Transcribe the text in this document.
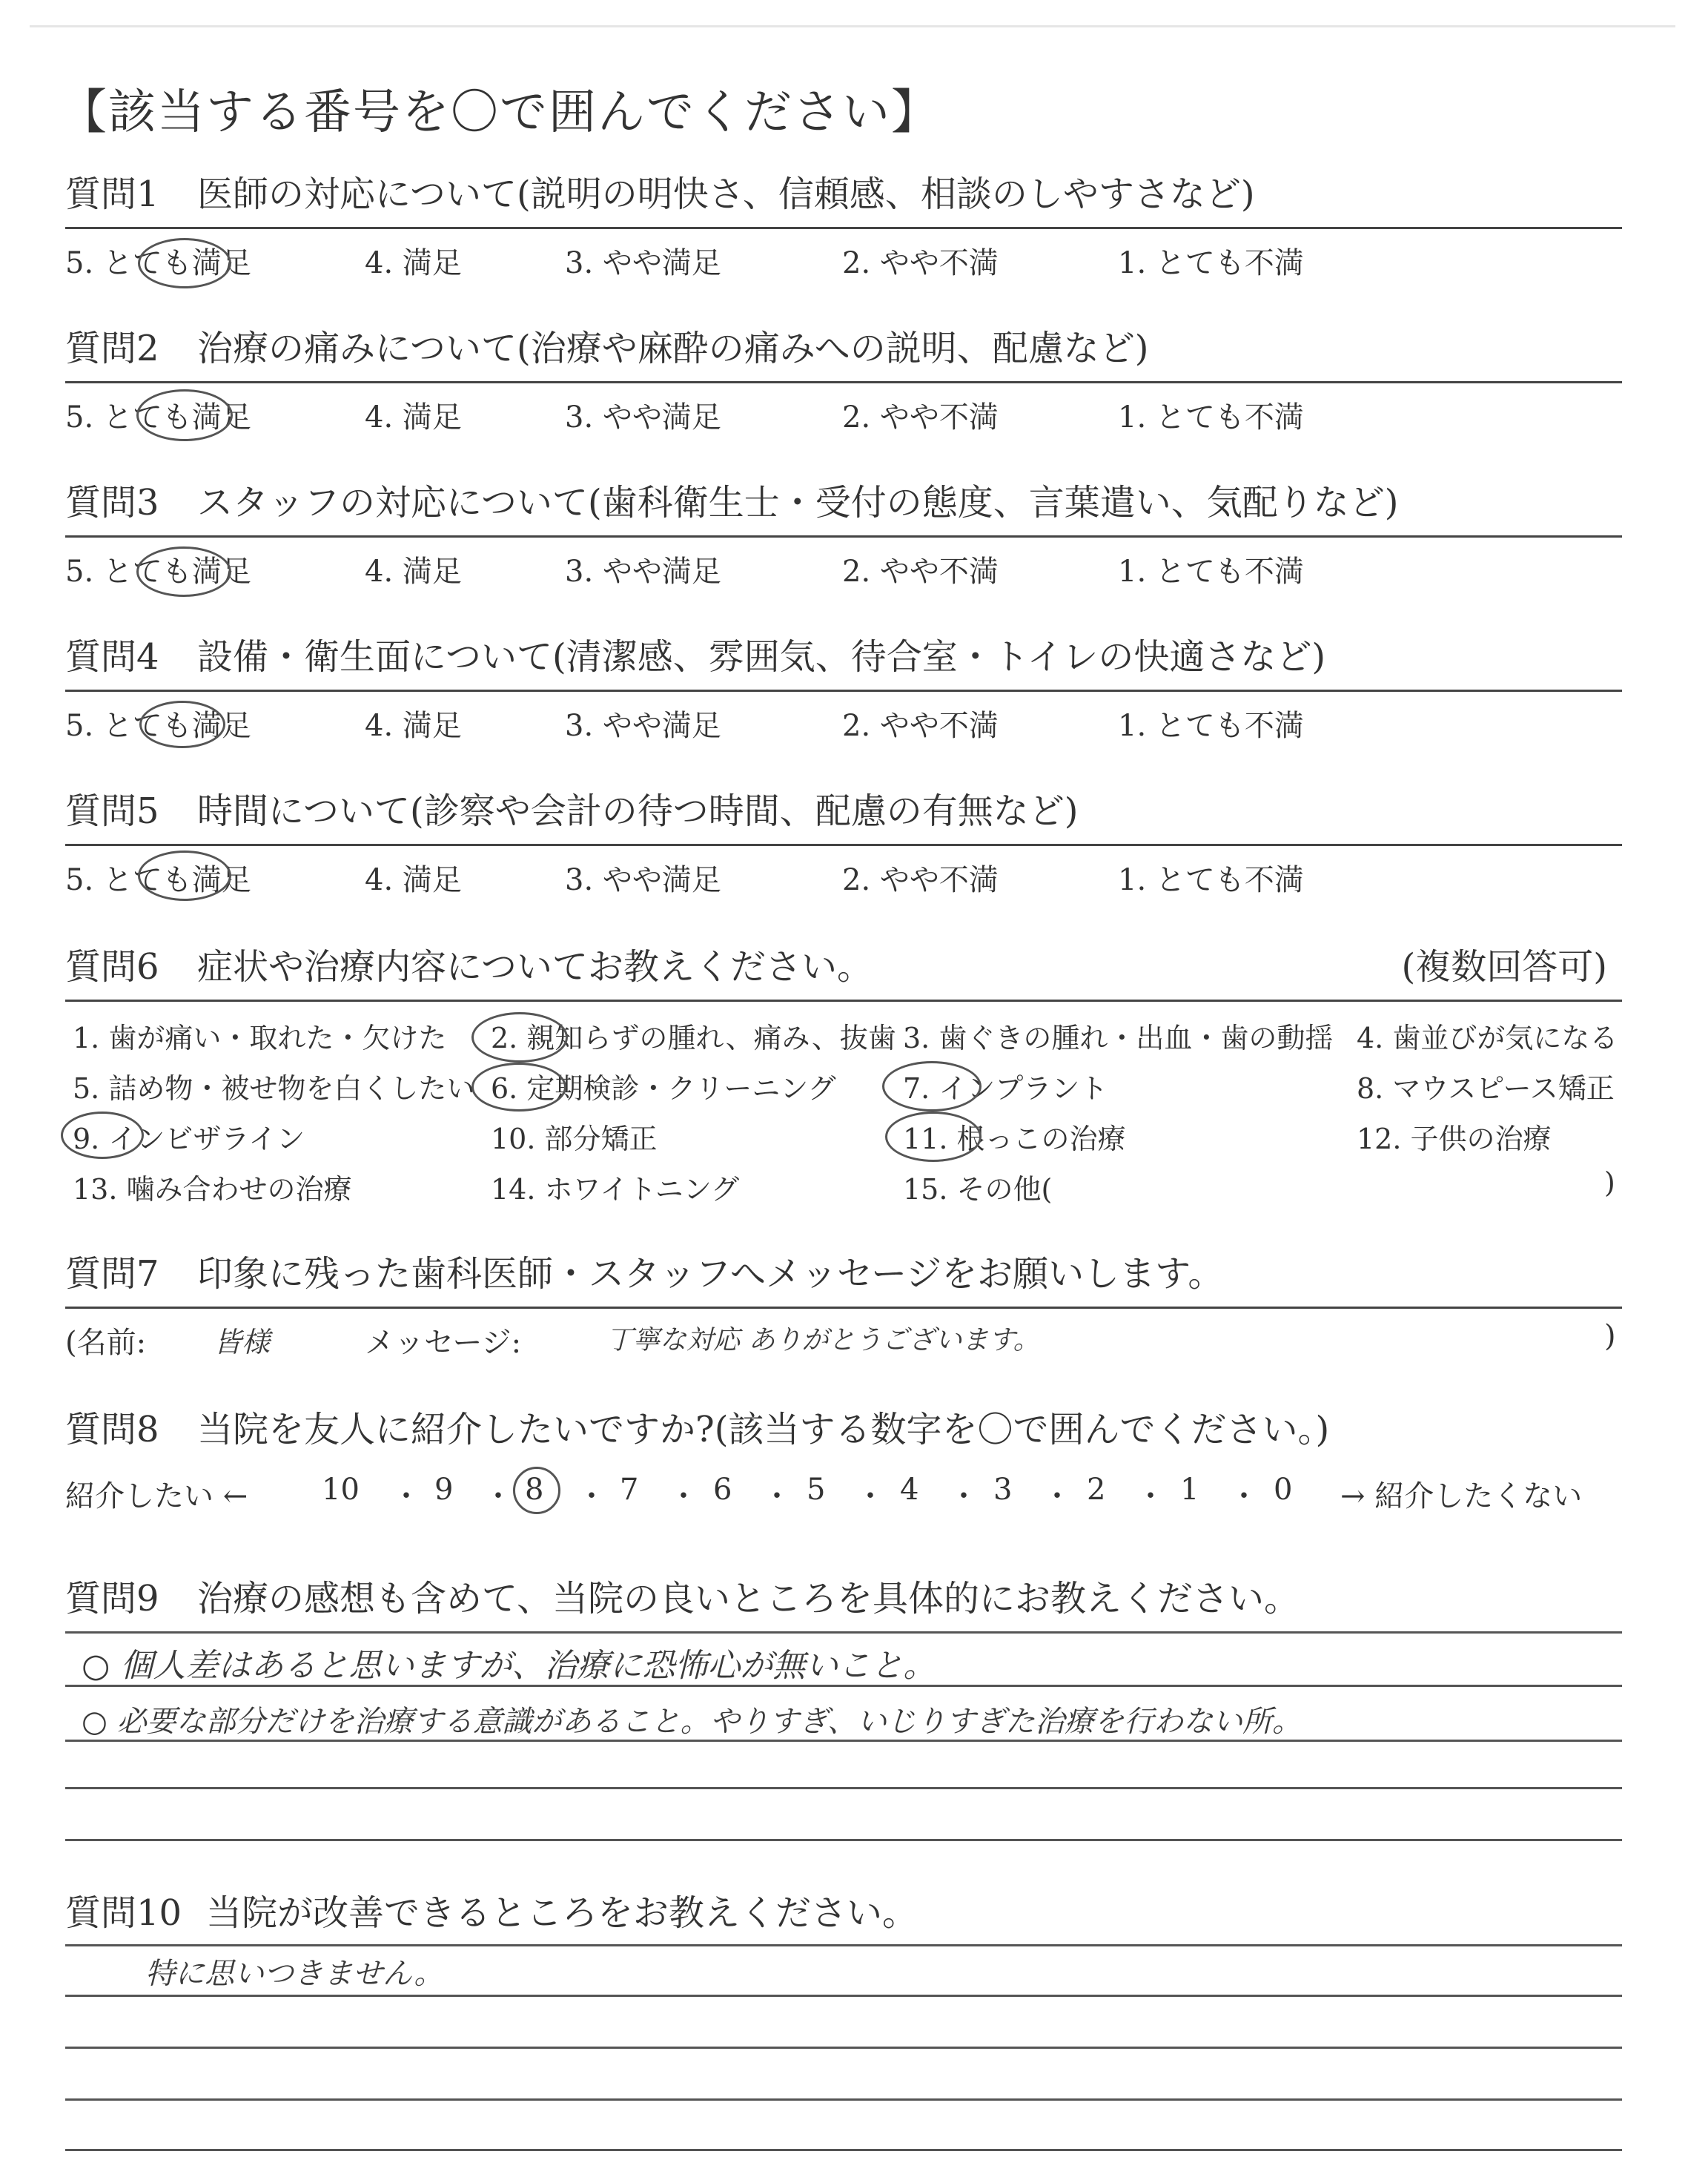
【該当する番号を〇で囲んでください】
質問1 医師の対応について(説明の明快さ、信頼感、相談のしやすさなど)
5. とても満足	4. 満足	3. やや満足	2. やや不満	1. とても不満
質問2 治療の痛みについて(治療や麻酔の痛みへの説明、配慮など)
5. とても満足	4. 満足	3. やや満足	2. やや不満	1. とても不満
質問3 スタッフの対応について(歯科衛生士・受付の態度、言葉遣い、気配りなど)
5. とても満足	4. 満足	3. やや満足	2. やや不満	1. とても不満
質問4 設備・衛生面について(清潔感、雰囲気、待合室・トイレの快適さなど)
5. とても満足	4. 満足	3. やや満足	2. やや不満	1. とても不満
質問5 時間について(診察や会計の待つ時間、配慮の有無など)
5. とても満足	4. 満足	3. やや満足	2. やや不満	1. とても不満
質問6 症状や治療内容についてお教えください。	(複数回答可)
1. 歯が痛い・取れた・欠けた 2. 親知らずの腫れ、痛み、抜歯 3. 歯ぐきの腫れ・出血・歯の動揺 4. 歯並びが気になる
5. 詰め物・被せ物を白くしたい 6. 定期検診・クリーニング 7. インプラント	8. マウスピース矯正
9. インビザライン	10. 部分矯正	11. 根っこの治療	12. 子供の治療
13. 噛み合わせの治療	14. ホワイトニング	15. その他(	)
質問7 印象に残った歯科医師・スタッフへメッセージをお願いします。
(名前: 皆様	メッセージ:	丁寧な対応 ありがとうございます。	)
質問8 当院を友人に紹介したいですか?(該当する数字を〇で囲んでください。)
紹介したい ← 10 ・ 9 ・ 8 ・ 7 ・ 6 ・ 5 ・ 4 ・ 3 ・ 2 ・ 1 ・ 0 → 紹介したくない
質問9 治療の感想も含めて、当院の良いところを具体的にお教えください。
○ 個人差はあると思いますが、治療に恐怖心が無いこと。
○ 必要な部分だけを治療する意識があること。やりすぎ、いじりすぎた治療を行わない所。
質問10 当院が改善できるところをお教えください。
特に思いつきません。
